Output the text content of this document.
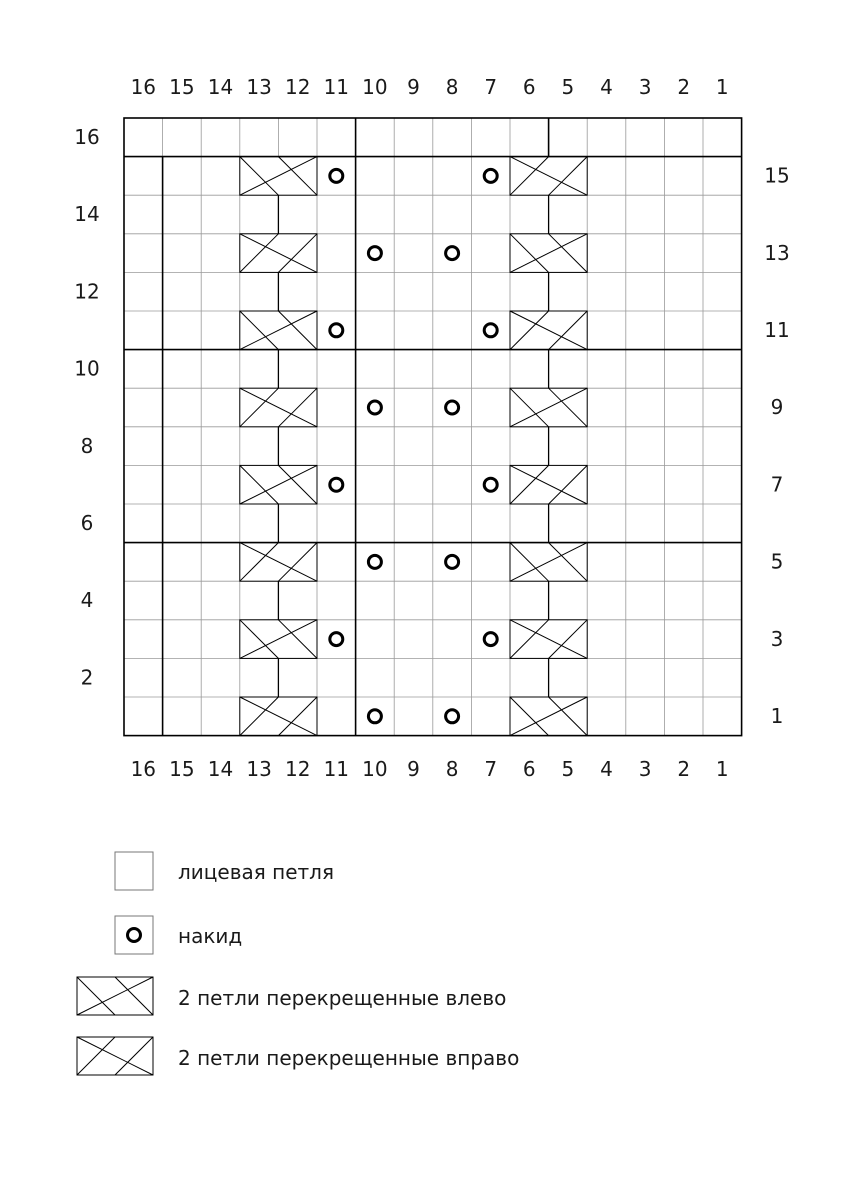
16
16
15
15
14
14
13
13
12
12
11
11
10
10
9
9
8
8
7
7
6
6
5
5
4
4
3
3
2
2
1
1
16
14
12
10
8
6
4
2
15
13
11
9
7
5
3
1
лицевая петля
накид
2 петли перекрещенные влево
2 петли перекрещенные вправо
